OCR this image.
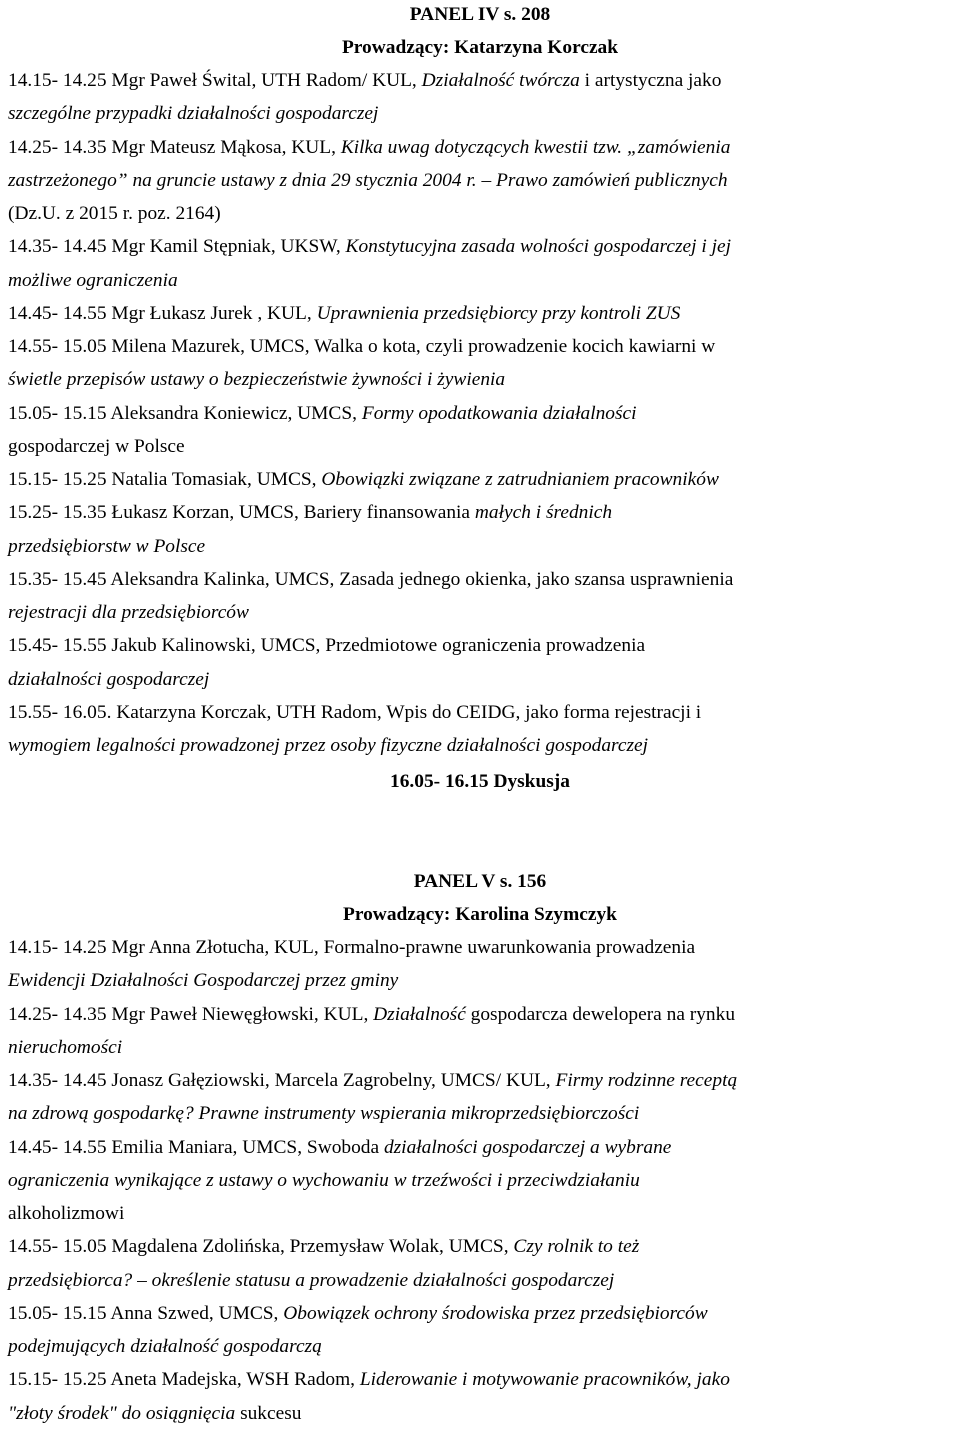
PANEL IV s. 208
Prowadzący: Katarzyna Korczak
14.15- 14.25 Mgr Paweł Śwital, UTH Radom/ KUL, Działalność twórcza i artystyczna jako
szczególne przypadki działalności gospodarczej
14.25- 14.35 Mgr Mateusz Mąkosa, KUL, Kilka uwag dotyczących kwestii tzw. „zamówienia
zastrzeżonego” na gruncie ustawy z dnia 29 stycznia 2004 r. – Prawo zamówień publicznych
(Dz.U. z 2015 r. poz. 2164)
14.35- 14.45 Mgr Kamil Stępniak, UKSW, Konstytucyjna zasada wolności gospodarczej i jej
możliwe ograniczenia
14.45- 14.55 Mgr Łukasz Jurek , KUL, Uprawnienia przedsiębiorcy przy kontroli ZUS
14.55- 15.05 Milena Mazurek, UMCS, Walka o kota, czyli prowadzenie kocich kawiarni w
świetle przepisów ustawy o bezpieczeństwie żywności i żywienia
15.05- 15.15 Aleksandra Koniewicz, UMCS, Formy opodatkowania działalności
gospodarczej w Polsce
15.15- 15.25 Natalia Tomasiak, UMCS, Obowiązki związane z zatrudnianiem pracowników
15.25- 15.35 Łukasz Korzan, UMCS, Bariery finansowania małych i średnich
przedsiębiorstw w Polsce
15.35- 15.45 Aleksandra Kalinka, UMCS, Zasada jednego okienka, jako szansa usprawnienia
rejestracji dla przedsiębiorców
15.45- 15.55 Jakub Kalinowski, UMCS, Przedmiotowe ograniczenia prowadzenia
działalności gospodarczej
15.55- 16.05. Katarzyna Korczak, UTH Radom, Wpis do CEIDG, jako forma rejestracji i
wymogiem legalności prowadzonej przez osoby fizyczne działalności gospodarczej
16.05- 16.15 Dyskusja
PANEL V s. 156
Prowadzący: Karolina Szymczyk
14.15- 14.25 Mgr Anna Złotucha, KUL, Formalno-prawne uwarunkowania prowadzenia
Ewidencji Działalności Gospodarczej przez gminy
14.25- 14.35 Mgr Paweł Niewęgłowski, KUL, Działalność gospodarcza dewelopera na rynku
nieruchomości
14.35- 14.45 Jonasz Gałęziowski, Marcela Zagrobelny, UMCS/ KUL, Firmy rodzinne receptą
na zdrową gospodarkę? Prawne instrumenty wspierania mikroprzedsiębiorczości
14.45- 14.55 Emilia Maniara, UMCS, Swoboda działalności gospodarczej a wybrane
ograniczenia wynikające z ustawy o wychowaniu w trzeźwości i przeciwdziałaniu
alkoholizmowi
14.55- 15.05 Magdalena Zdolińska, Przemysław Wolak, UMCS, Czy rolnik to też
przedsiębiorca? – określenie statusu a prowadzenie działalności gospodarczej
15.05- 15.15 Anna Szwed, UMCS, Obowiązek ochrony środowiska przez przedsiębiorców
podejmujących działalność gospodarczą
15.15- 15.25 Aneta Madejska, WSH Radom, Liderowanie i motywowanie pracowników, jako
"złoty środek" do osiągnięcia sukcesu
